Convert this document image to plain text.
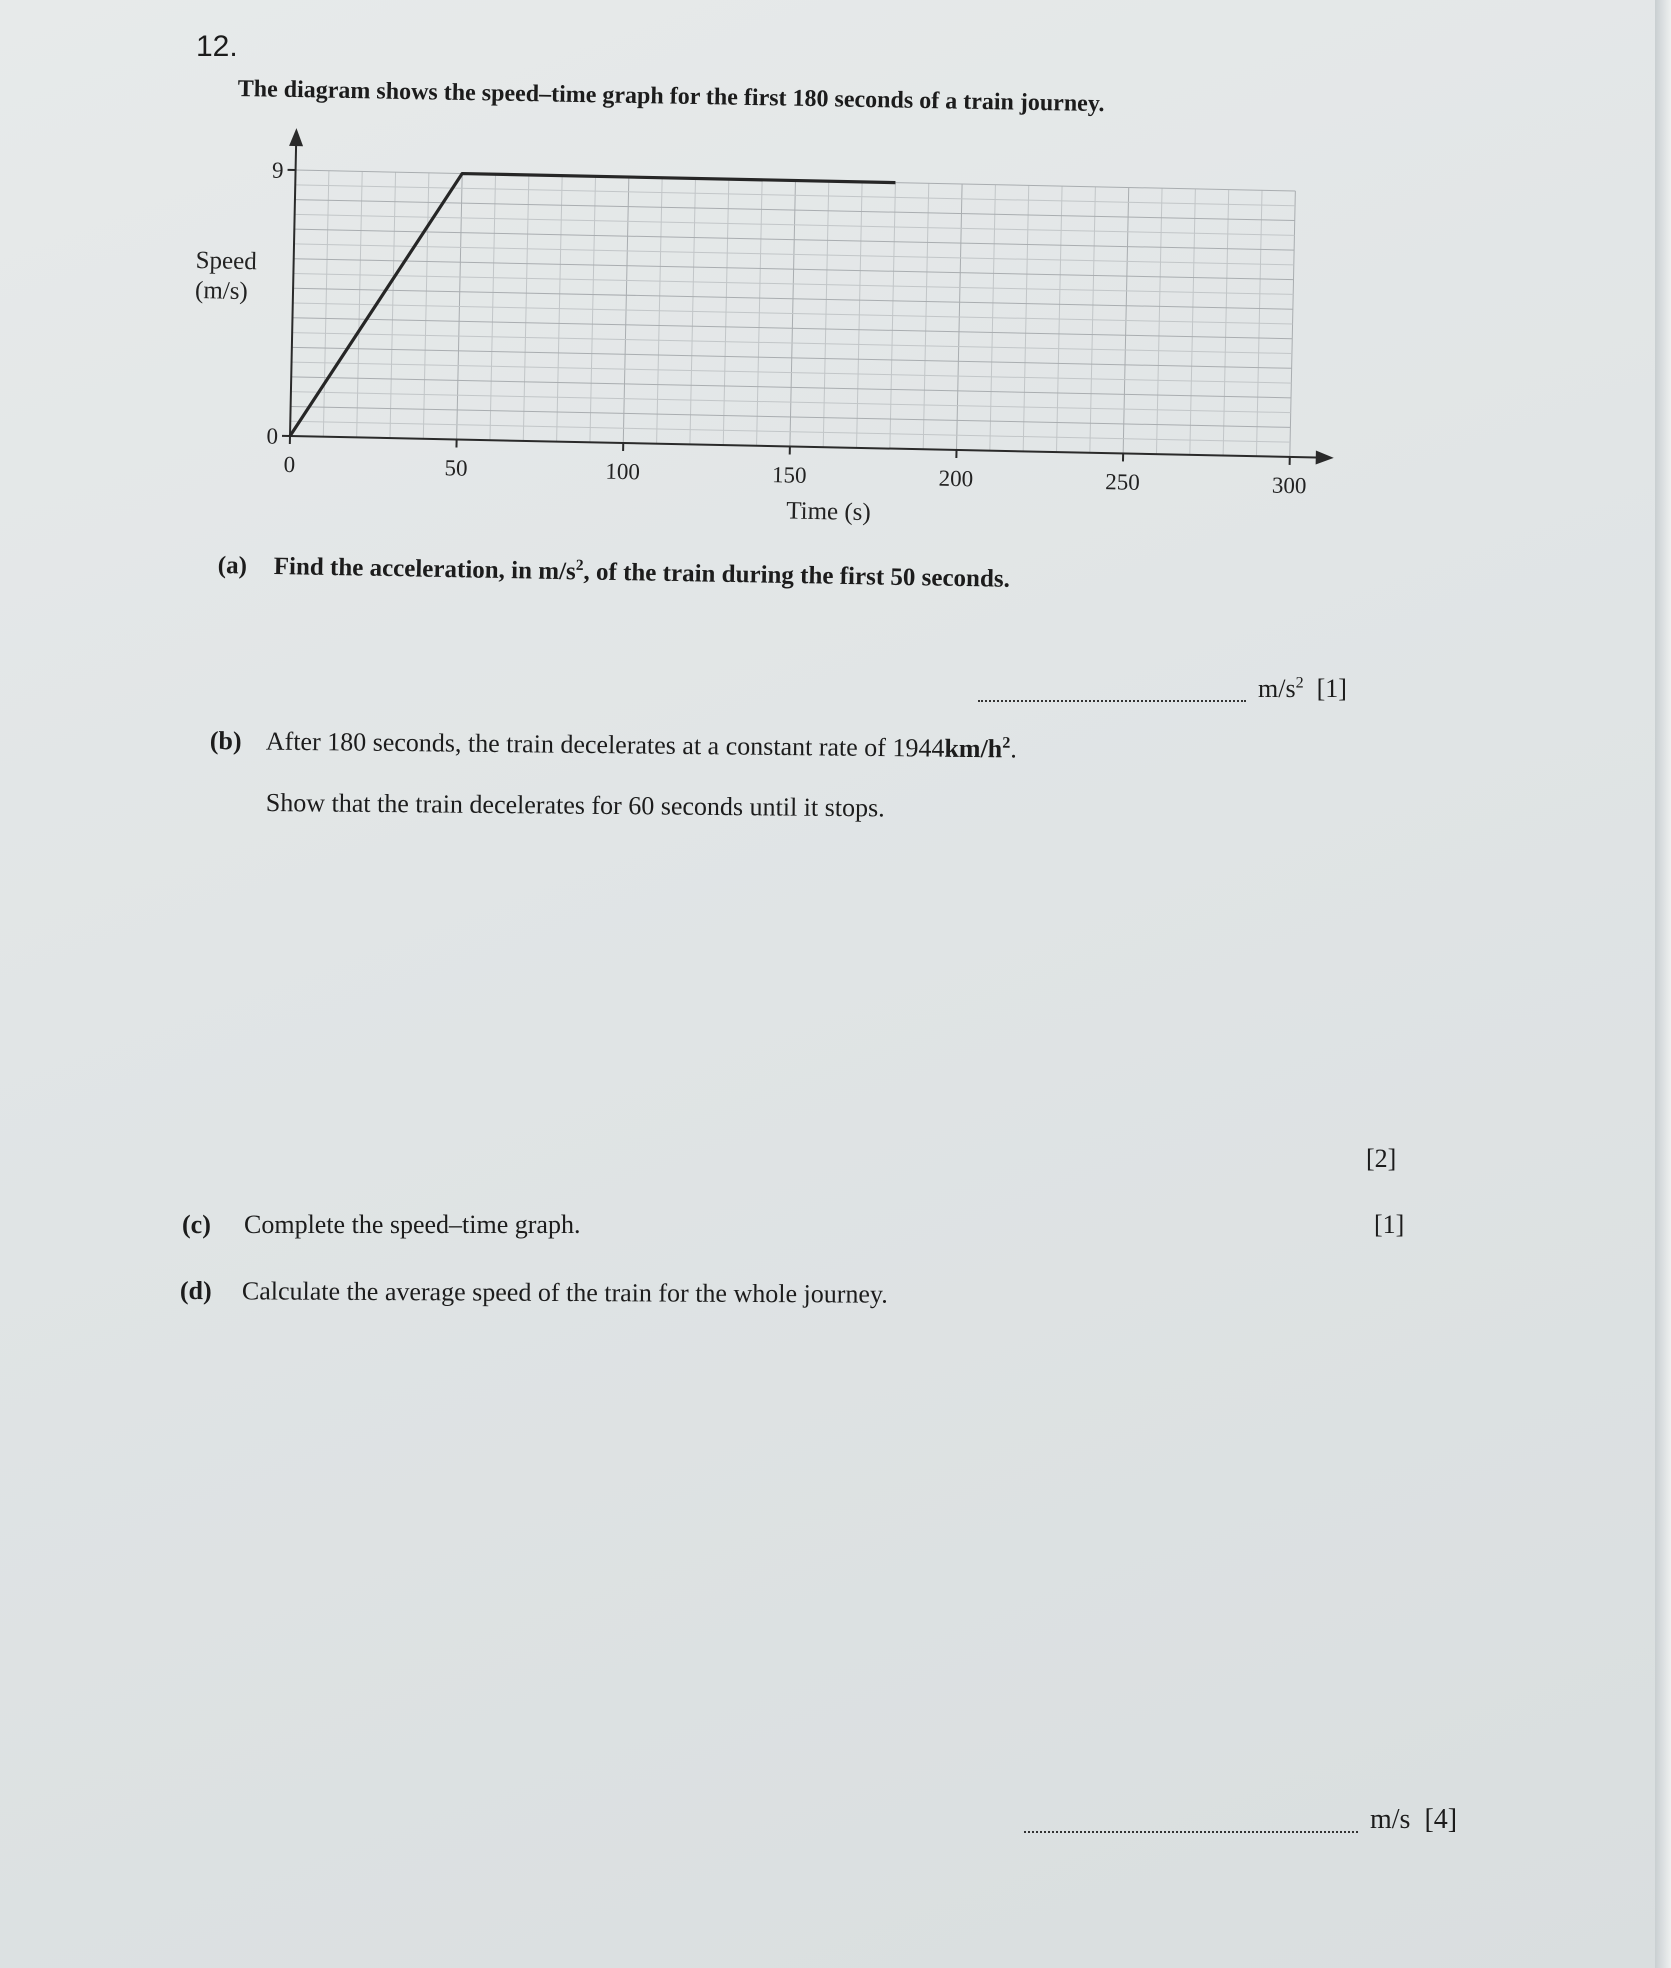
12.
The diagram shows the speed–time graph for the first 180 seconds of a train journey.
0	50	100	150	200	250	300
0
9
Time (s)
Speed
(m/s)
(a) Find the acceleration, in $m/s^2$, of the train during the first 50 seconds.
$m/s^2$ [1]
(b) After 180 seconds, the train decelerates at a constant rate of $1944km/h^2$.
Show that the train decelerates for 60 seconds until it stops.
[2]
(c) Complete the speed–time graph.	[1]
(d) Calculate the average speed of the train for the whole journey.
m/s [4]
